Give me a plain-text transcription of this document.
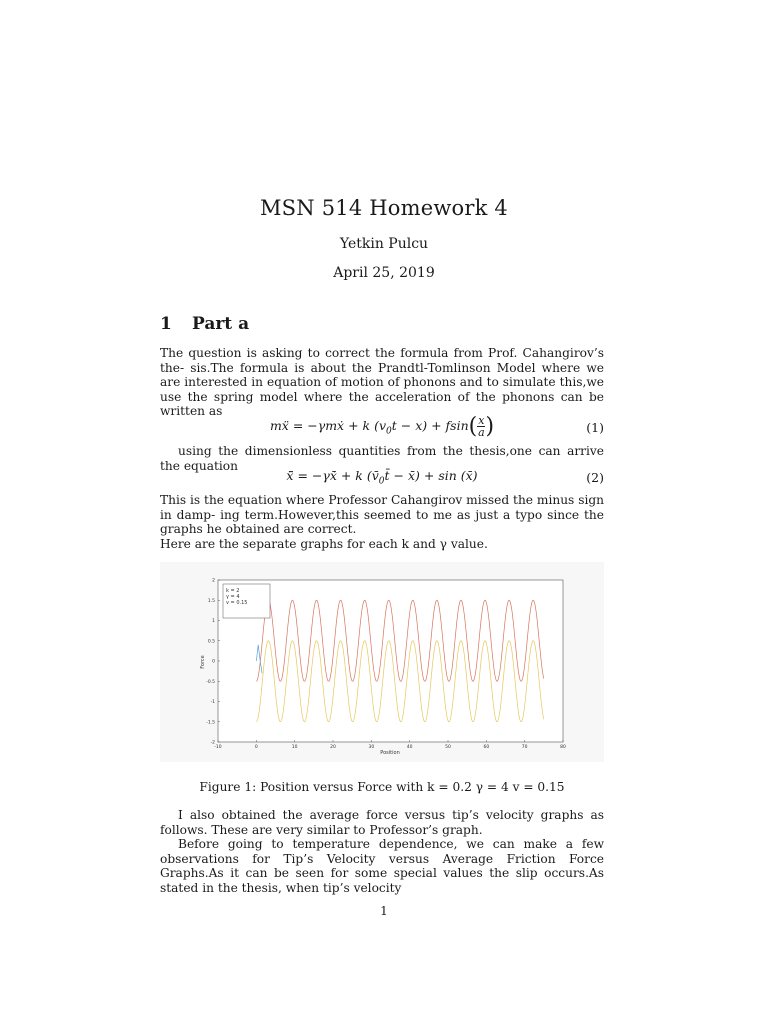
MSN 514 Homework 4
Yetkin Pulcu
April 25, 2019
1 Part a
The question is asking to correct the formula from Prof. Cahangirov’s the- sis.The formula is about the Prandtl-Tomlinson Model where we are interested in equation of motion of phonons and to simulate this,we use the spring model where the acceleration of the phonons can be written as
mẍ = −γmẋ + k $(v_0t - x) + fsin( \frac{x}{a}$ )	(1)
using the dimensionless quantities from the thesis,one can arrive the equation
ẍ̄ = −γẋ̄ + k ($v̄_0t̄$ − x̄) + sin (x̄)	(2)
This is the equation where Professor Cahangirov missed the minus sign in damp- ing term.However,this seemed to me as just a typo since the graphs he obtained are correct.
Here are the separate graphs for each k and γ value.
-10	0	10	20	30	40	50	60	70	80
2
1.5
1
0.5
0
-0.5
-1
-1.5
-2
k = 2
γ = 4
v = 0.15
Position
Force
Figure 1: Position versus Force with k = 0.2 γ = 4 v = 0.15
I also obtained the average force versus tip’s velocity graphs as follows. These are very similar to Professor’s graph.
Before going to temperature dependence, we can make a few observations for Tip’s Velocity versus Average Friction Force Graphs.As it can be seen for some special values the slip occurs.As stated in the thesis, when tip’s velocity
1
